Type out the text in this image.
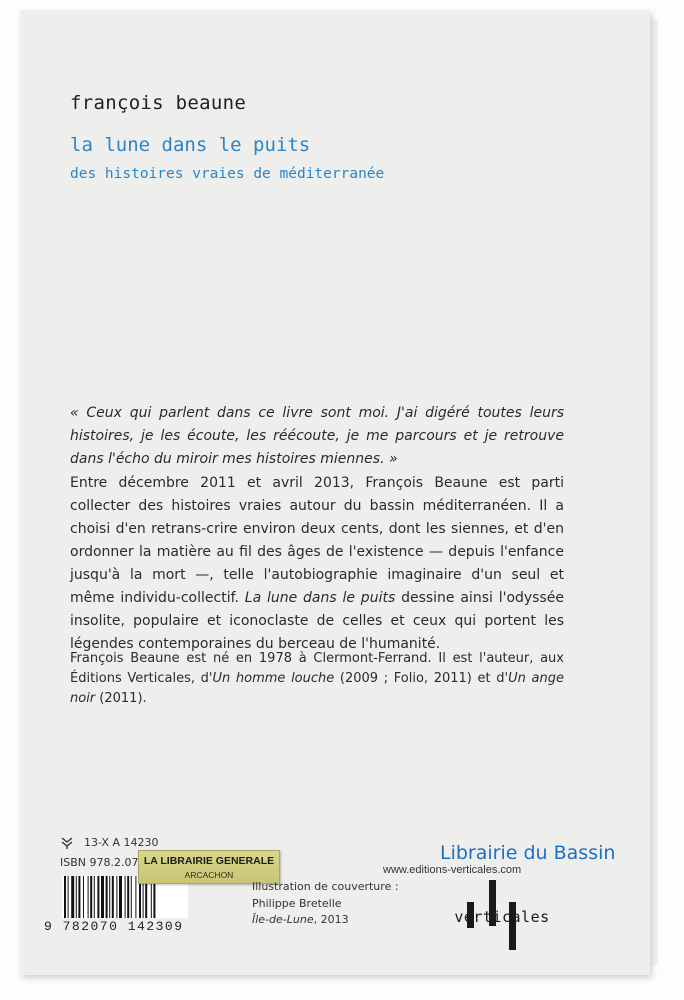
françois beaune
la lune dans le puits
des histoires vraies de méditerranée
« Ceux qui parlent dans ce livre sont moi. J'ai digéré toutes leurs histoires, je les écoute, les réécoute, je me parcours et je retrouve dans l'écho du miroir mes histoires miennes. »
Entre décembre 2011 et avril 2013, François Beaune est parti collecter des histoires vraies autour du bassin méditerranéen. Il a choisi d'en retrans-crire environ deux cents, dont les siennes, et d'en ordonner la matière au fil des âges de l'existence — depuis l'enfance jusqu'à la mort —, telle l'autobiographie imaginaire d'un seul et même individu-collectif. La lune dans le puits dessine ainsi l'odyssée insolite, populaire et iconoclaste de celles et ceux qui portent les légendes contemporaines du berceau de l'humanité.
François Beaune est né en 1978 à Clermont-Ferrand. Il est l'auteur, aux Éditions Verticales, d'Un homme louche (2009 ; Folio, 2011) et d'Un ange noir (2011).
13-X A 14230
ISBN 978.2.07
9 782070 142309
LA LIBRAIRIE GENERALE
ARCACHON
Illustration de couverture :
Philippe Bretelle
Île-de-Lune, 2013
Librairie du Bassin
www.editions-verticales.com
verticales
